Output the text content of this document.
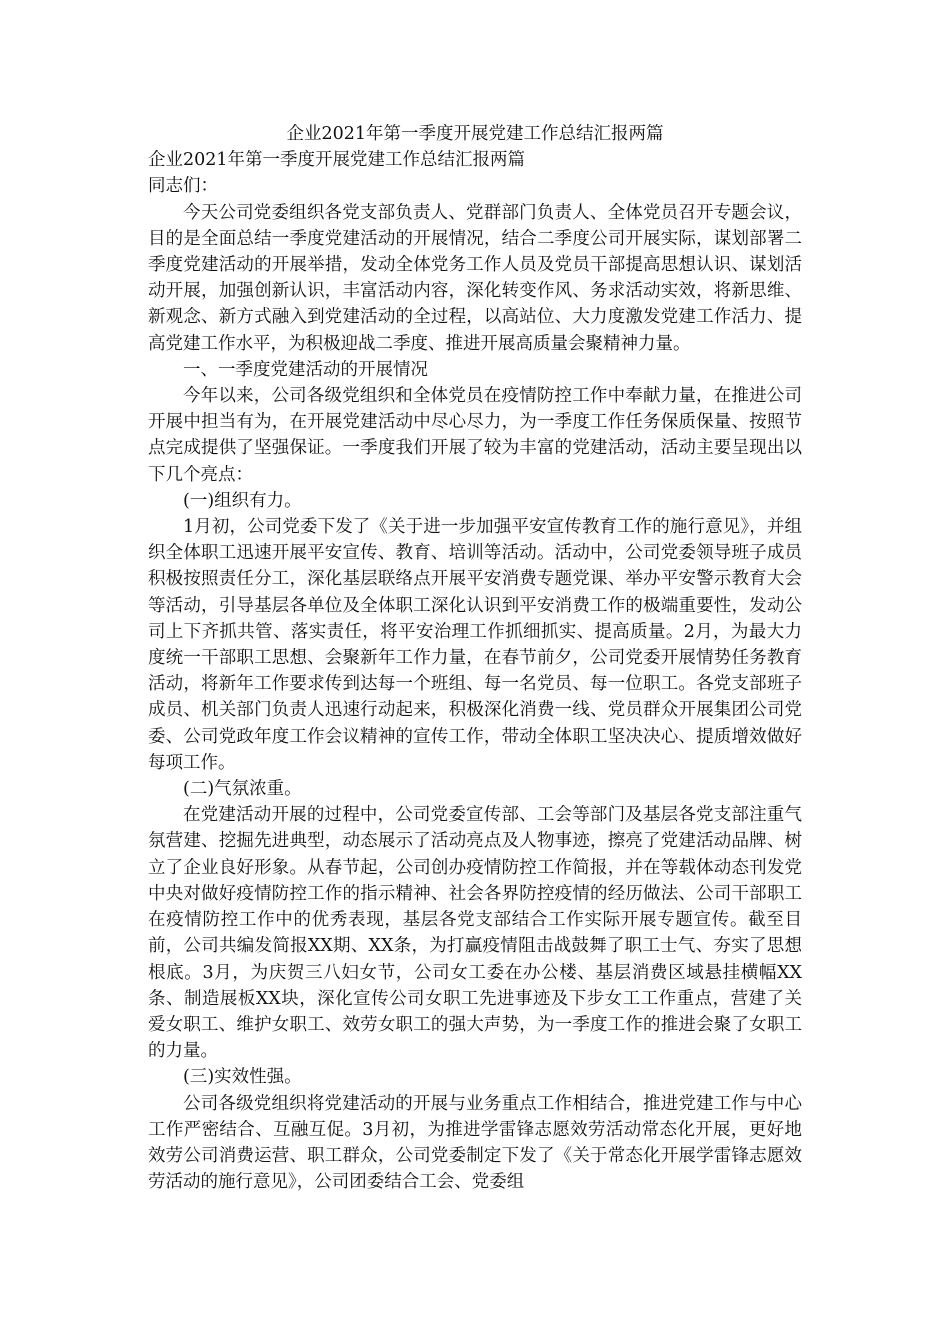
企业2021年第一季度开展党建工作总结汇报两篇

企业2021年第一季度开展党建工作总结汇报两篇

同志们：

今天公司党委组织各党支部负责人、党群部门负责人、全体党员召开专题会议，目的是全面总结一季度党建活动的开展情况，结合二季度公司开展实际，谋划部署二季度党建活动的开展举措，发动全体党务工作人员及党员干部提高思想认识、谋划活动开展，加强创新认识，丰富活动内容，深化转变作风、务求活动实效，将新思维、新观念、新方式融入到党建活动的全过程，以高站位、大力度激发党建工作活力、提高党建工作水平，为积极迎战二季度、推进开展高质量会聚精神力量。

一、一季度党建活动的开展情况

今年以来，公司各级党组织和全体党员在疫情防控工作中奉献力量，在推进公司开展中担当有为，在开展党建活动中尽心尽力，为一季度工作任务保质保量、按照节点完成提供了坚强保证。一季度我们开展了较为丰富的党建活动，活动主要呈现出以下几个亮点：

(一)组织有力。

1月初，公司党委下发了《关于进一步加强平安宣传教育工作的施行意见》，并组织全体职工迅速开展平安宣传、教育、培训等活动。活动中，公司党委领导班子成员积极按照责任分工，深化基层联络点开展平安消费专题党课、举办平安警示教育大会等活动，引导基层各单位及全体职工深化认识到平安消费工作的极端重要性，发动公司上下齐抓共管、落实责任，将平安治理工作抓细抓实、提高质量。2月，为最大力度统一干部职工思想、会聚新年工作力量，在春节前夕，公司党委开展情势任务教育活动，将新年工作要求传到达每一个班组、每一名党员、每一位职工。各党支部班子成员、机关部门负责人迅速行动起来，积极深化消费一线、党员群众开展集团公司党委、公司党政年度工作会议精神的宣传工作，带动全体职工坚决决心、提质增效做好每项工作。

(二)气氛浓重。

在党建活动开展的过程中，公司党委宣传部、工会等部门及基层各党支部注重气氛营建、挖掘先进典型，动态展示了活动亮点及人物事迹，擦亮了党建活动品牌、树立了企业良好形象。从春节起，公司创办疫情防控工作简报，并在等载体动态刊发党中央对做好疫情防控工作的指示精神、社会各界防控疫情的经历做法、公司干部职工在疫情防控工作中的优秀表现，基层各党支部结合工作实际开展专题宣传。截至目前，公司共编发简报XX期、XX条，为打赢疫情阻击战鼓舞了职工士气、夯实了思想根底。3月，为庆贺三八妇女节，公司女工委在办公楼、基层消费区域悬挂横幅XX条、制造展板XX块，深化宣传公司女职工先进事迹及下步女工工作重点，营建了关爱女职工、维护女职工、效劳女职工的强大声势，为一季度工作的推进会聚了女职工的力量。

(三)实效性强。

公司各级党组织将党建活动的开展与业务重点工作相结合，推进党建工作与中心工作严密结合、互融互促。3月初，为推进学雷锋志愿效劳活动常态化开展，更好地效劳公司消费运营、职工群众，公司党委制定下发了《关于常态化开展学雷锋志愿效劳活动的施行意见》，公司团委结合工会、党委组
